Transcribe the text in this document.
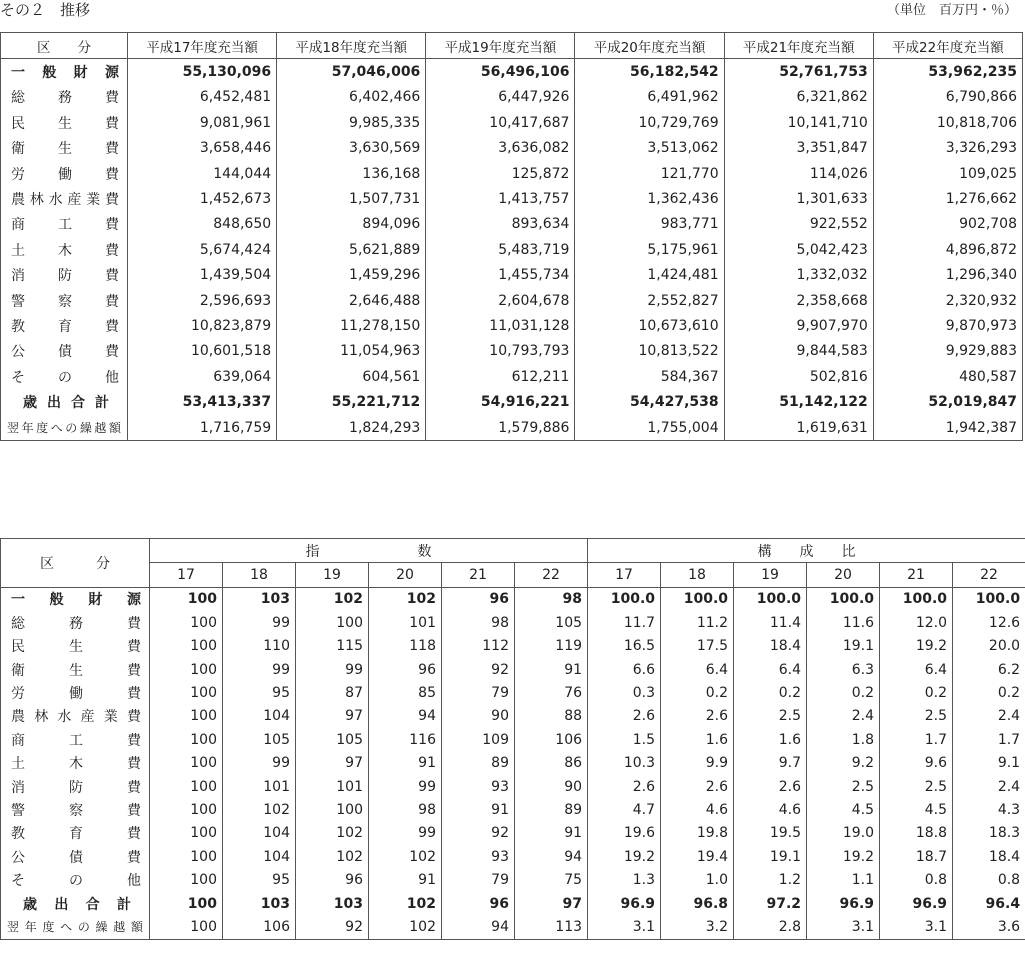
その２　推移	（単位　百万円・％）
区　　分	平成17年度充当額	平成18年度充当額	平成19年度充当額	平成20年度充当額	平成21年度充当額	平成22年度充当額
一般財源	55,130,096	57,046,006	56,496,106	56,182,542	52,761,753	53,962,235
総務費	6,452,481	6,402,466	6,447,926	6,491,962	6,321,862	6,790,866
民生費	9,081,961	9,985,335	10,417,687	10,729,769	10,141,710	10,818,706
衛生費	3,658,446	3,630,569	3,636,082	3,513,062	3,351,847	3,326,293
労働費	144,044	136,168	125,872	121,770	114,026	109,025
農林水産業費	1,452,673	1,507,731	1,413,757	1,362,436	1,301,633	1,276,662
商工費	848,650	894,096	893,634	983,771	922,552	902,708
土木費	5,674,424	5,621,889	5,483,719	5,175,961	5,042,423	4,896,872
消防費	1,439,504	1,459,296	1,455,734	1,424,481	1,332,032	1,296,340
警察費	2,596,693	2,646,488	2,604,678	2,552,827	2,358,668	2,320,932
教育費	10,823,879	11,278,150	11,031,128	10,673,610	9,907,970	9,870,973
公債費	10,601,518	11,054,963	10,793,793	10,813,522	9,844,583	9,929,883
その他	639,064	604,561	612,211	584,367	502,816	480,587
歳出合計	53,413,337	55,221,712	54,916,221	54,427,538	51,142,122	52,019,847
翌年度への繰越額	1,716,759	1,824,293	1,579,886	1,755,004	1,619,631	1,942,387
区　　　分	指　　　　　　　数						構　　成　　比					
	17	18	19	20	21	22	17	18	19	20	21	22
一般財源	100	103	102	102	96	98	100.0	100.0	100.0	100.0	100.0	100.0
総務費	100	99	100	101	98	105	11.7	11.2	11.4	11.6	12.0	12.6
民生費	100	110	115	118	112	119	16.5	17.5	18.4	19.1	19.2	20.0
衛生費	100	99	99	96	92	91	6.6	6.4	6.4	6.3	6.4	6.2
労働費	100	95	87	85	79	76	0.3	0.2	0.2	0.2	0.2	0.2
農林水産業費	100	104	97	94	90	88	2.6	2.6	2.5	2.4	2.5	2.4
商工費	100	105	105	116	109	106	1.5	1.6	1.6	1.8	1.7	1.7
土木費	100	99	97	91	89	86	10.3	9.9	9.7	9.2	9.6	9.1
消防費	100	101	101	99	93	90	2.6	2.6	2.6	2.5	2.5	2.4
警察費	100	102	100	98	91	89	4.7	4.6	4.6	4.5	4.5	4.3
教育費	100	104	102	99	92	91	19.6	19.8	19.5	19.0	18.8	18.3
公債費	100	104	102	102	93	94	19.2	19.4	19.1	19.2	18.7	18.4
その他	100	95	96	91	79	75	1.3	1.0	1.2	1.1	0.8	0.8
歳出合計	100	103	103	102	96	97	96.9	96.8	97.2	96.9	96.9	96.4
翌年度への繰越額	100	106	92	102	94	113	3.1	3.2	2.8	3.1	3.1	3.6
